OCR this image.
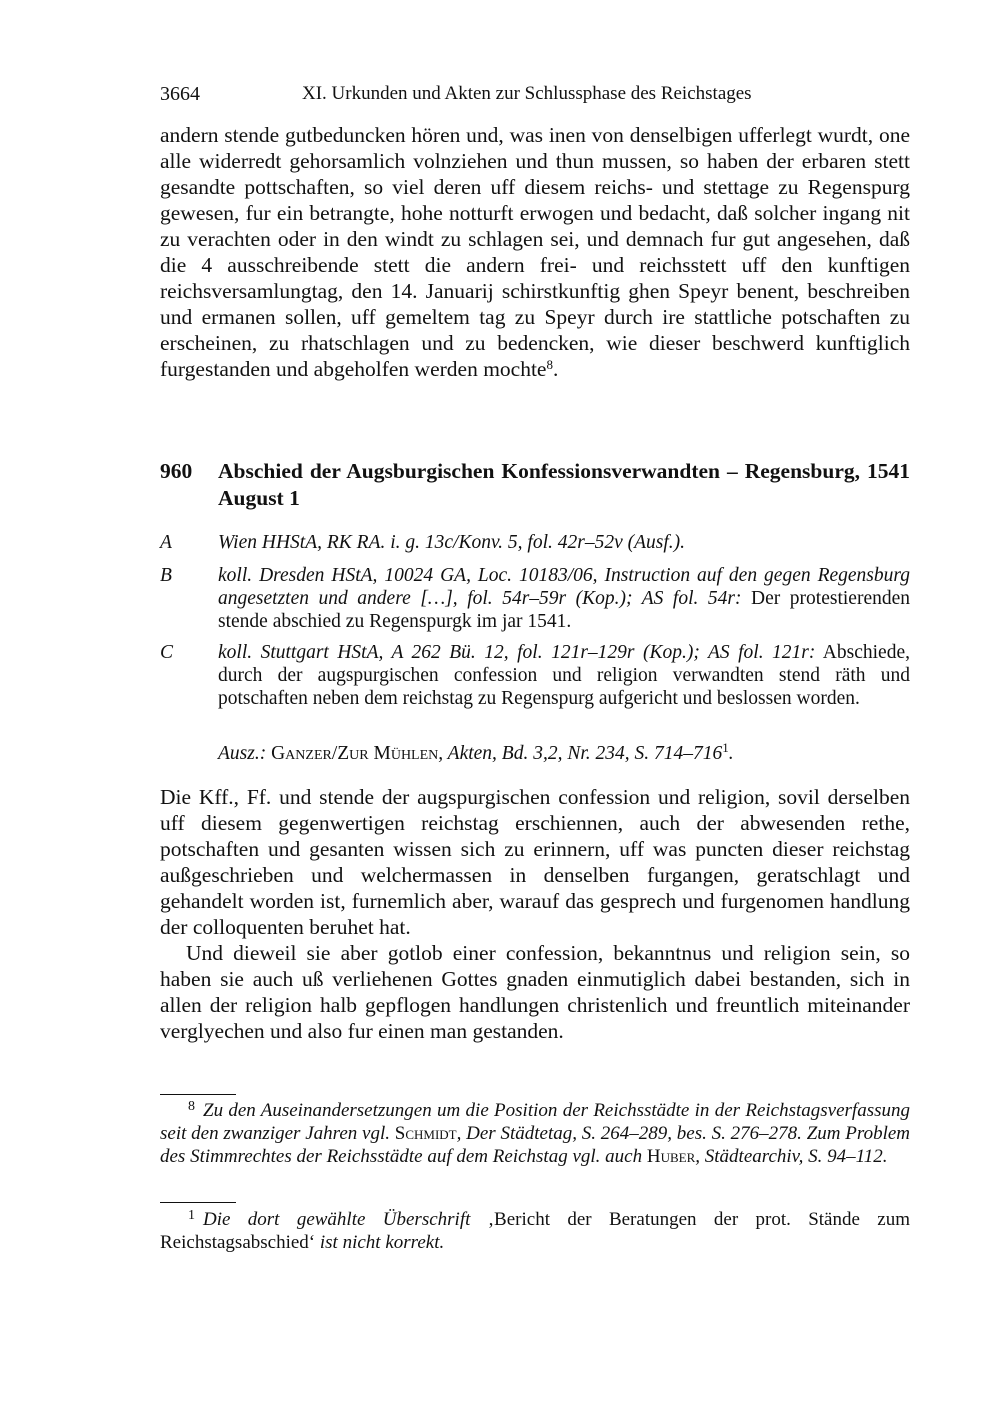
3664	XI. Urkunden und Akten zur Schlussphase des Reichstages
andern stende gutbeduncken hören und, was inen von denselbigen ufferlegt wurdt, one alle widerredt gehorsamlich volnziehen und thun mussen, so haben der erbaren stett gesandte pottschaften, so viel deren uff diesem reichs- und stettage zu Regenspurg gewesen, fur ein betrangte, hohe notturft erwogen und bedacht, daß solcher ingang nit zu verachten oder in den windt zu schlagen sei, und demnach fur gut angesehen, daß die 4 ausschreibende stett die andern frei- und reichsstett uff den kunftigen reichsversamlungtag, den 14. Januarij schirstkunftig ghen Speyr benent, beschreiben und ermanen sollen, uff gemeltem tag zu Speyr durch ire stattliche potschaften zu erscheinen, zu rhatschlagen und zu bedencken, wie dieser beschwerd kunftiglich furgestanden und abgeholfen werden mochte$^8$.
960 Abschied der Augsburgischen Konfessionsverwandten – Regensburg, 1541 August 1
A Wien HHStA, RK RA. i. g. 13c/Konv. 5, fol. 42r–52v (Ausf.).
B koll. Dresden HStA, 10024 GA, Loc. 10183/06, Instruction auf den gegen Regensburg angesetzten und andere […], fol. 54r–59r (Kop.); AS fol. 54r: Der protestierenden stende abschied zu Regenspurgk im jar 1541.
C koll. Stuttgart HStA, A 262 Bü. 12, fol. 121r–129r (Kop.); AS fol. 121r: Abschiede, durch der augspurgischen confession und religion verwandten stend räth und potschaften neben dem reichstag zu Regenspurg aufgericht und beslossen worden.
Ausz.: Ganzer/Zur Mühlen, Akten, Bd. 3,2, Nr. 234, S. $714-716^1$.

Die Kff., Ff. und stende der augspurgischen confession und religion, sovil derselben uff diesem gegenwertigen reichstag erschiennen, auch der abwesenden rethe, potschaften und gesanten wissen sich zu erinnern, uff was puncten dieser reichstag außgeschrieben und welchermassen in denselben furgangen, geratschlagt und gehandelt worden ist, furnemlich aber, warauf das gesprech und furgenomen handlung der colloquenten beruhet hat.

Und dieweil sie aber gotlob einer confession, bekanntnus und religion sein, so haben sie auch uß verliehenen Gottes gnaden einmutiglich dabei bestanden, sich in allen der religion halb gepflogen handlungen christenlich und freuntlich miteinander verglyechen und also fur einen man gestanden.

8 Zu den Auseinandersetzungen um die Position der Reichsstädte in der Reichstagsverfassung seit den zwanziger Jahren vgl. Schmidt, Der Städtetag, S. 264–289, bes. S. 276–278. Zum Problem des Stimmrechtes der Reichsstädte auf dem Reichstag vgl. auch Huber, Städtearchiv, S. 94–112.
1 Die dort gewählte Überschrift ‚Bericht der Beratungen der prot. Stände zum Reichstagsabschied‘ ist nicht korrekt.
